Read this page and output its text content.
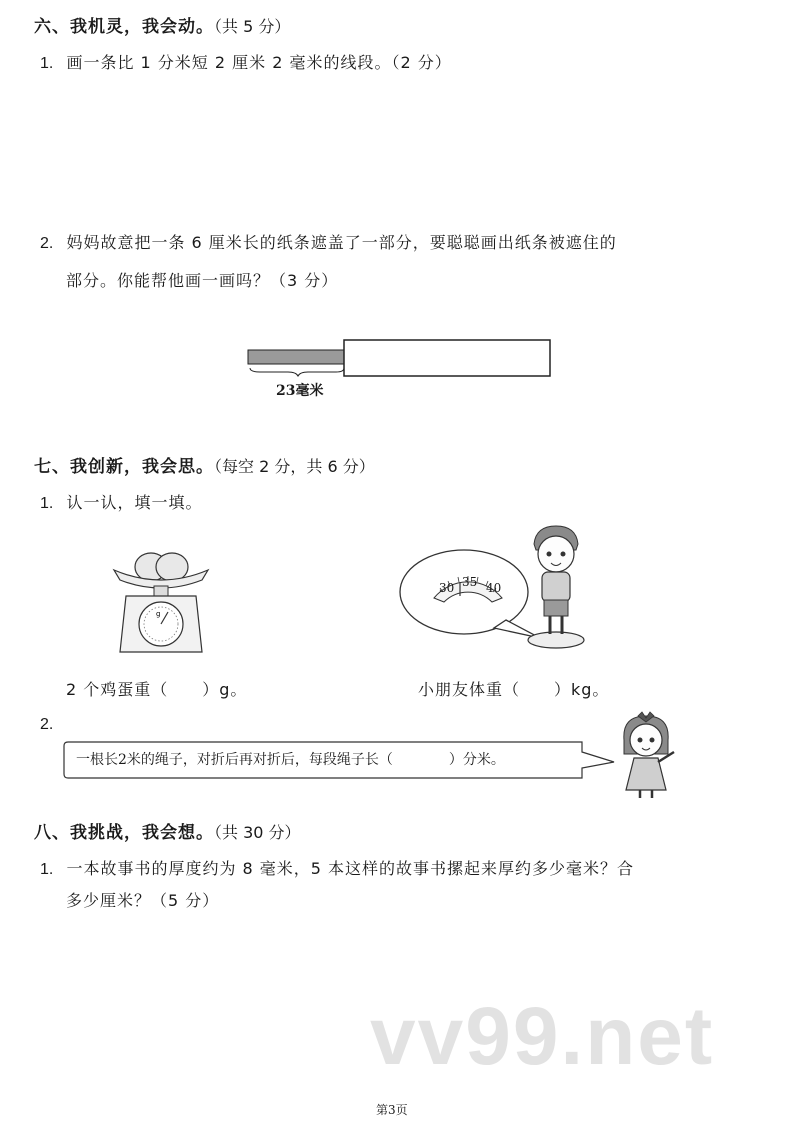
六、我机灵，我会动。（共 5 分）
1. 画一条比 1 分米短 2 厘米 2 毫米的线段。（2 分）
2. 妈妈故意把一条 6 厘米长的纸条遮盖了一部分，要聪聪画出纸条被遮住的
部分。你能帮他画一画吗？（3 分）
23毫米
七、我创新，我会思。（每空 2 分，共 6 分）
1. 认一认，填一填。
g
30 35 40
2 个鸡蛋重（　　）g。	小朋友体重（　　）kg。
2.
一根长2米的绳子，对折后再对折后，每段绳子长（　　　　）分米。
八、我挑战，我会想。（共 30 分）
1. 一本故事书的厚度约为 8 毫米，5 本这样的故事书摞起来厚约多少毫米？合
多少厘米？（5 分）
vv99.net
第3页
